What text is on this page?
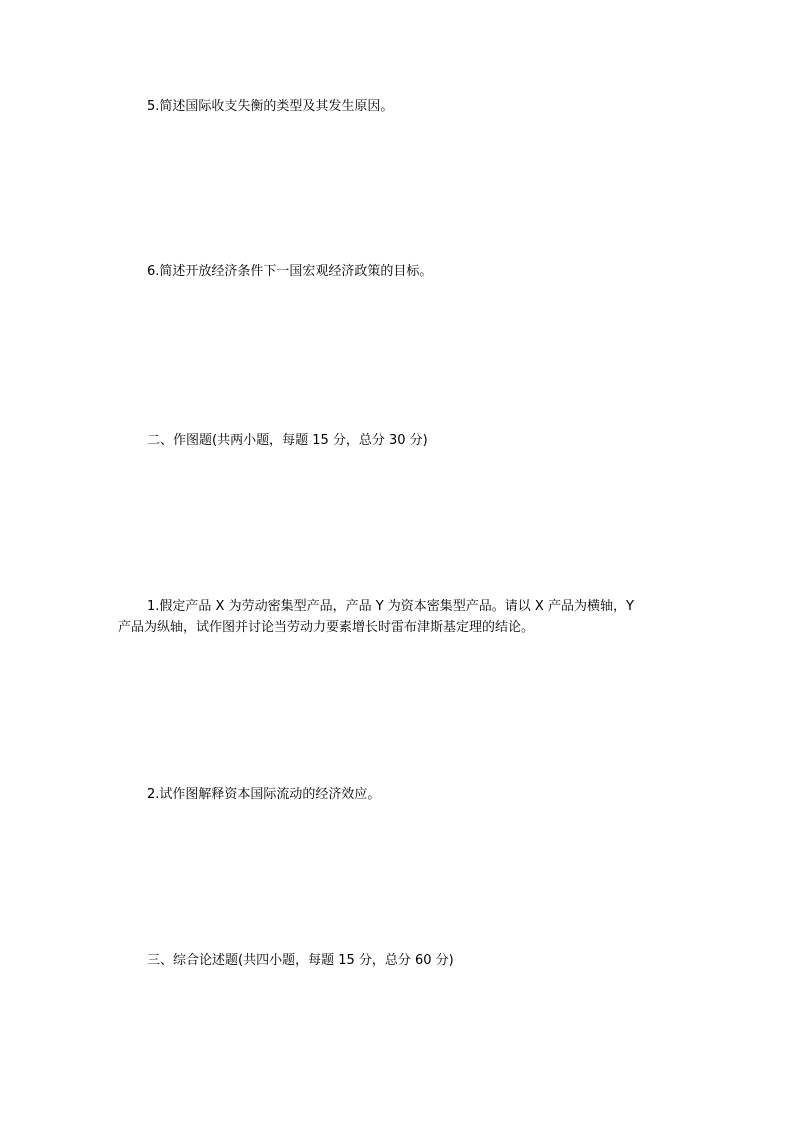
5.简述国际收支失衡的类型及其发生原因。
6.简述开放经济条件下一国宏观经济政策的目标。
二、作图题(共两小题，每题 15 分，总分 30 分)
1.假定产品 X 为劳动密集型产品，产品 Y 为资本密集型产品。请以 X 产品为横轴，Y
产品为纵轴，试作图并讨论当劳动力要素增长时雷布津斯基定理的结论。
2.试作图解释资本国际流动的经济效应。
三、综合论述题(共四小题，每题 15 分，总分 60 分)
